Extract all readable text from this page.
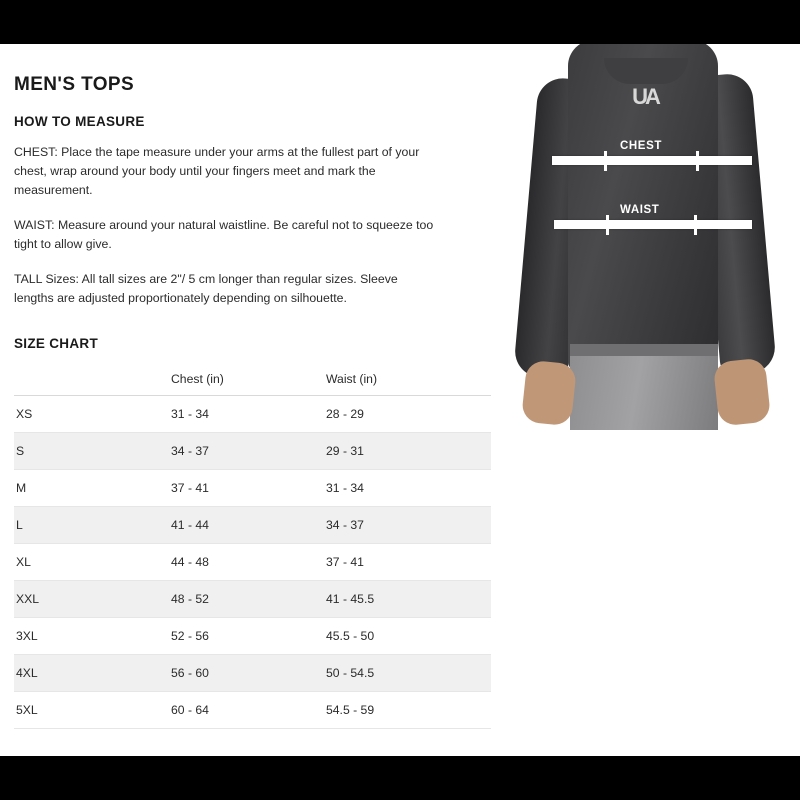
MEN'S TOPS
HOW TO MEASURE

CHEST: Place the tape measure under your arms at the fullest part of your chest, wrap around your body until your fingers meet and mark the measurement.

WAIST: Measure around your natural waistline. Be careful not to squeeze too tight to allow give.

TALL Sizes: All tall sizes are 2"/ 5 cm longer than regular sizes. Sleeve lengths are adjusted proportionately depending on silhouette.

SIZE CHART
	Chest (in)	Waist (in)
XS	31 - 34	28 - 29
S	34 - 37	29 - 31
M	37 - 41	31 - 34
L	41 - 44	34 - 37
XL	44 - 48	37 - 41
XXL	48 - 52	41 - 45.5
3XL	52 - 56	45.5 - 50
4XL	56 - 60	50 - 54.5
5XL	60 - 64	54.5 - 59
UA
CHEST
WAIST
